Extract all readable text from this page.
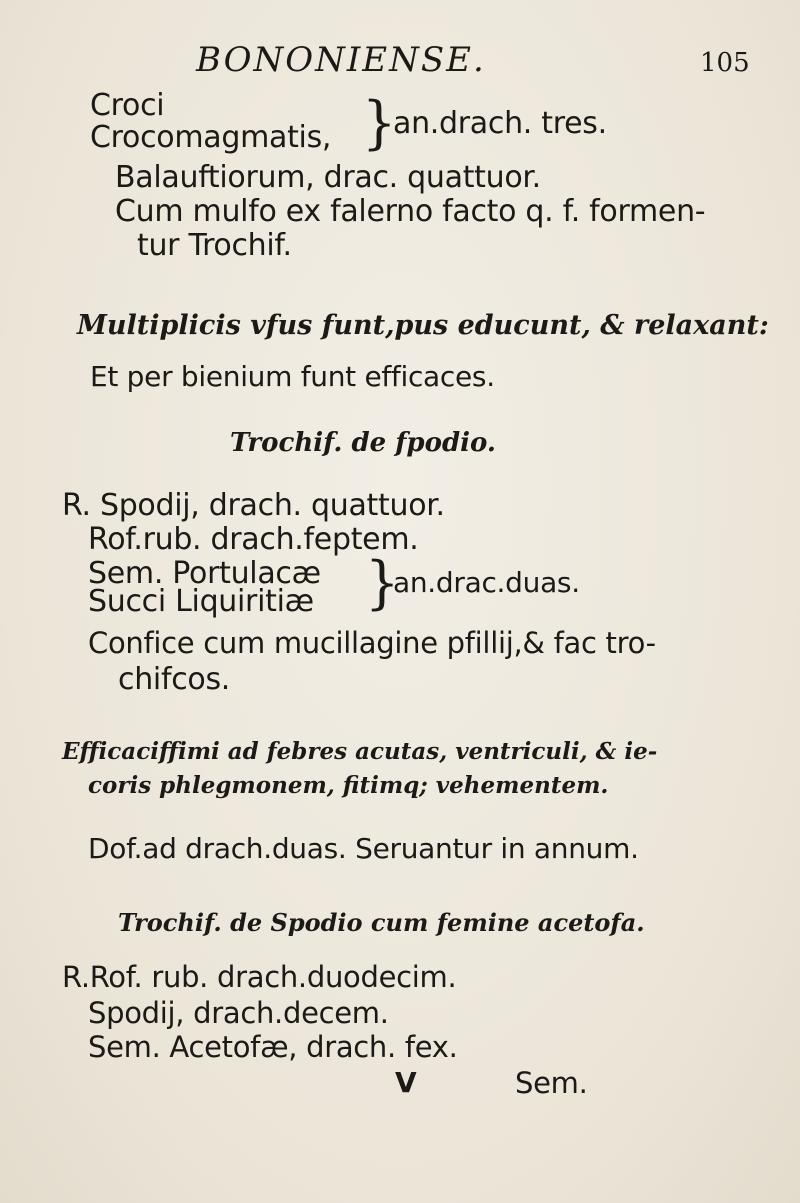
BONONIENSE.	105
Croci
Crocomagmatis, }
an.drach. tres.
Balauftiorum, drac. quattuor.
Cum mulfo ex falerno facto q. f. formen-
tur Trochif.
Multiplicis vfus funt,pus educunt, & relaxant:
Et per bienium funt efficaces.
Trochif. de fpodio.
R. Spodij, drach. quattuor.
Rof.rub. drach.feptem.
Sem. Portulacæ
Succi Liquiritiæ }
an.drac.duas.
Confice cum mucillagine pfillij,& fac tro-
chifcos.
Efficaciffimi ad febres acutas, ventriculi, & ie-
coris phlegmonem, fitimq; vehementem.
Dof.ad drach.duas. Seruantur in annum.
Trochif. de Spodio cum femine acetofa.
R.Rof. rub. drach.duodecim.
Spodij, drach.decem.
Sem. Acetofæ, drach. fex.
V	Sem.
